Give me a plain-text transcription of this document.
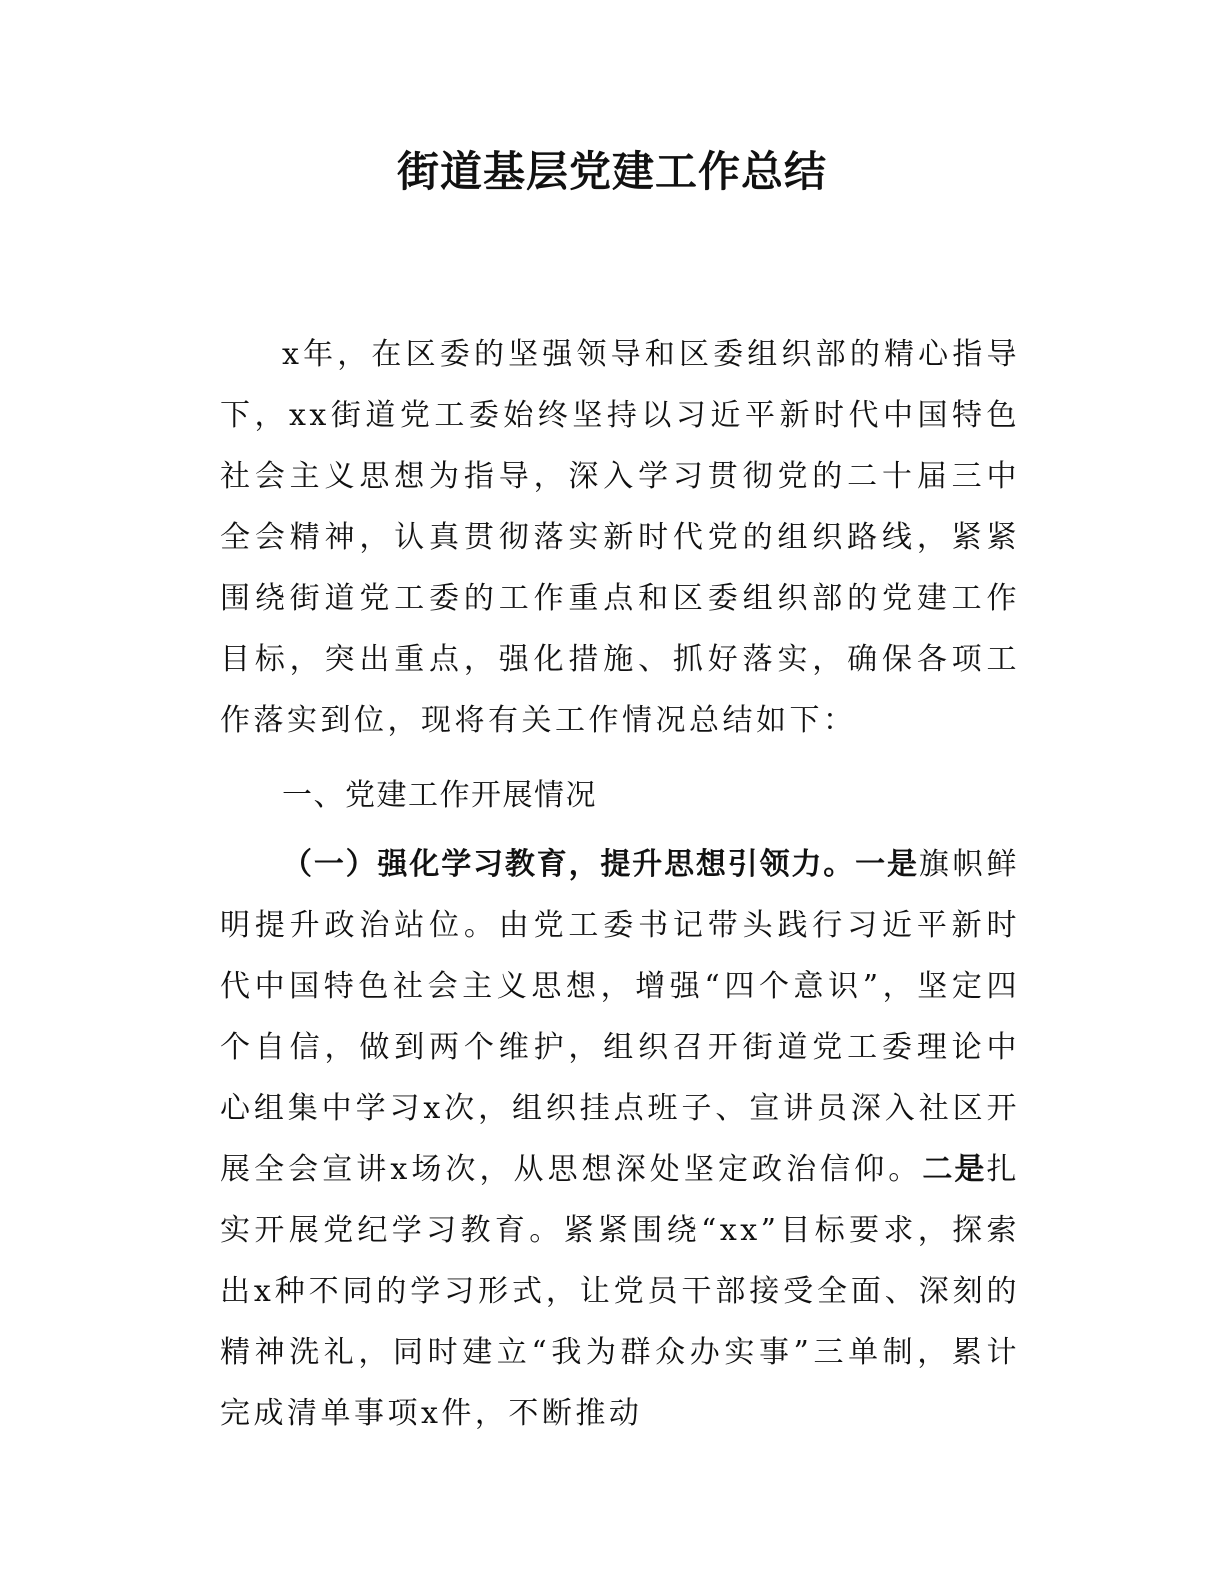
街道基层党建工作总结

x年，在区委的坚强领导和区委组织部的精心指导下，xx街道党工委始终坚持以习近平新时代中国特色社会主义思想为指导，深入学习贯彻党的二十届三中全会精神，认真贯彻落实新时代党的组织路线，紧紧围绕街道党工委的工作重点和区委组织部的党建工作目标，突出重点，强化措施、抓好落实，确保各项工作落实到位，现将有关工作情况总结如下：

一、党建工作开展情况

（一）强化学习教育，提升思想引领力。一是旗帜鲜明提升政治站位。由党工委书记带头践行习近平新时代中国特色社会主义思想，增强“四个意识”，坚定四个自信，做到两个维护，组织召开街道党工委理论中心组集中学习x次，组织挂点班子、宣讲员深入社区开展全会宣讲x场次，从思想深处坚定政治信仰。二是扎实开展党纪学习教育。紧紧围绕“xx”目标要求，探索出x种不同的学习形式，让党员干部接受全面、深刻的精神洗礼，同时建立“我为群众办实事”三单制，累计完成清单事项x件，不断推动
